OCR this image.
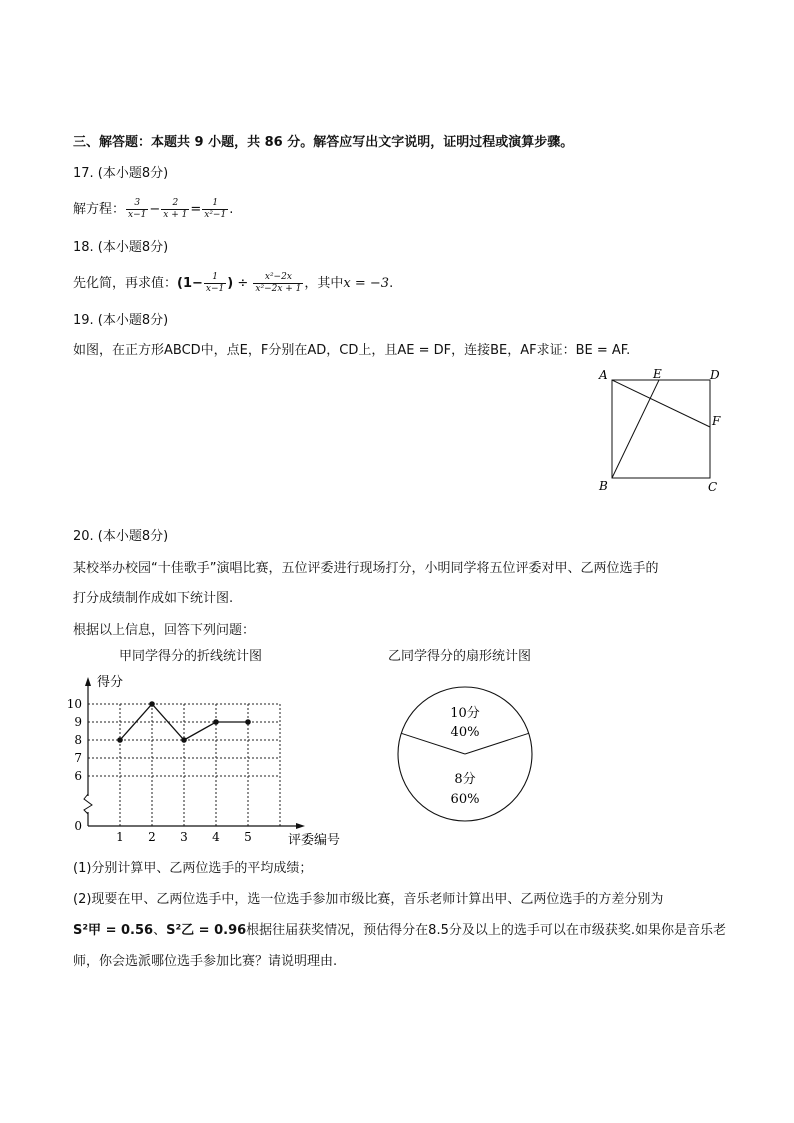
三、解答题：本题共 9 小题，共 86 分。解答应写出文字说明，证明过程或演算步骤。
17. (本小题8分)
解方程： $\frac{3}{x-1} - \frac{2}{x + 1} = \frac{1}{\text{x²−1}}$ .
18. (本小题8分)
先化简，再求值：($1- \frac{1}{x-1}$ ) ÷ $\frac{\text{x²−2x}}{\text{x²−2x + 1}}$ ，其中x = −3.
19. (本小题8分)
如图，在正方形ABCD中，点E，F分别在AD，CD上，且AE = DF，连接BE，AF求证：BE = AF.
A	E	D
F
B	C
20. (本小题8分)
某校举办校园“十佳歌手”演唱比赛，五位评委进行现场打分，小明同学将五位评委对甲、乙两位选手的
打分成绩制作成如下统计图.
根据以上信息，回答下列问题：
甲同学得分的折线统计图	乙同学得分的扇形统计图
0
6
7
8
9
10
1 2 3 4 5
得分
评委编号
10分
40%
8分
60%
(1)分别计算甲、乙两位选手的平均成绩；
(2)现要在甲、乙两位选手中，选一位选手参加市级比赛，音乐老师计算出甲、乙两位选手的方差分别为
S²甲 = 0.56、S²乙 = 0.96根据往届获奖情况，预估得分在8.5分及以上的选手可以在市级获奖.如果你是音乐老
师，你会选派哪位选手参加比赛？请说明理由.
